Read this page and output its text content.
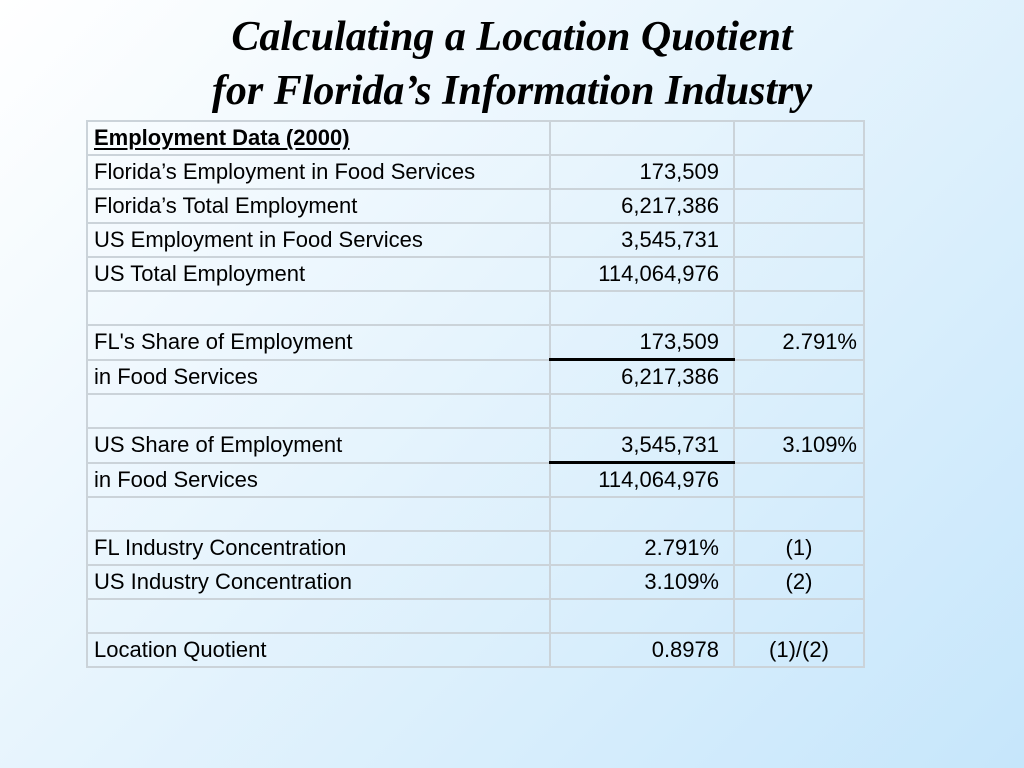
Calculating a Location Quotient
for Florida’s Information Industry
Employment Data (2000)		
Florida’s Employment in Food Services	173,509	
Florida’s Total Employment	6,217,386	
US Employment in Food Services	3,545,731	
US Total Employment	114,064,976	

FL's Share of Employment	173,509	2.791%
in Food Services	6,217,386	

US Share of Employment	3,545,731	3.109%
in Food Services	114,064,976	

FL Industry Concentration	2.791%	(1)
US Industry Concentration	3.109%	(2)

Location Quotient	0.8978	(1)/(2)
